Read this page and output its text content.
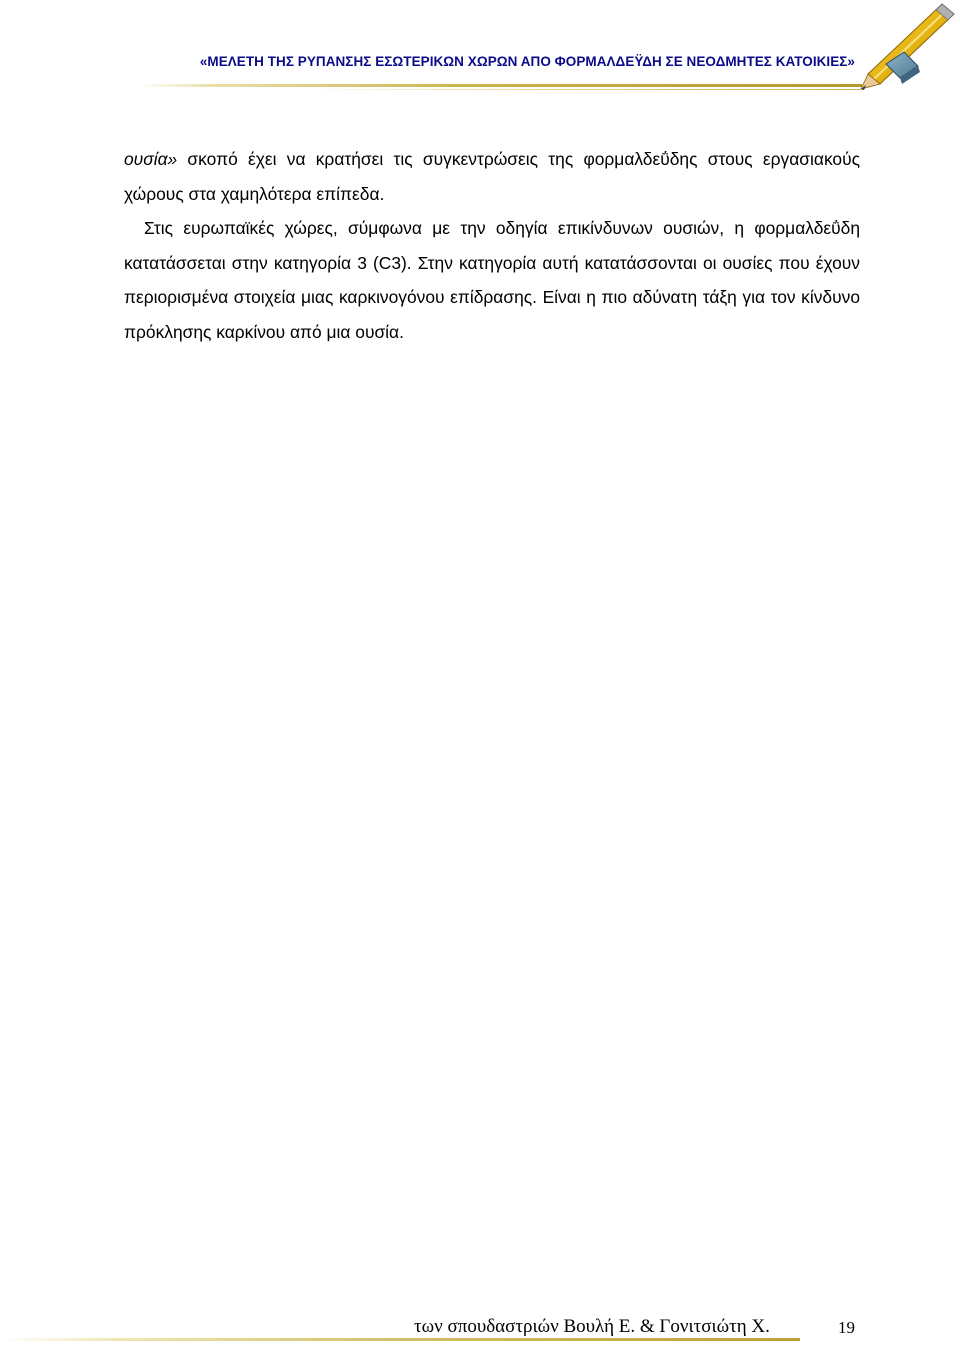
«ΜΕΛΕΤΗ ΤΗΣ ΡΥΠΑΝΣΗΣ ΕΣΩΤΕΡΙΚΩΝ ΧΩΡΩΝ ΑΠΟ ΦΟΡΜΑΛΔΕΫΔΗ ΣΕ ΝΕΟΔΜΗΤΕΣ ΚΑΤΟΙΚΙΕΣ»

ουσία» σκοπό έχει να κρατήσει τις συγκεντρώσεις της φορμαλδεΰδης στους εργασιακούς χώρους στα χαμηλότερα επίπεδα.

Στις ευρωπαϊκές χώρες, σύμφωνα με την οδηγία επικίνδυνων ουσιών, η φορμαλδεΰδη κατατάσσεται στην κατηγορία 3 (C3). Στην κατηγορία αυτή κατατάσσονται οι ουσίες που έχουν περιορισμένα στοιχεία μιας καρκινογόνου επίδρασης. Είναι η πιο αδύνατη τάξη για τον κίνδυνο πρόκλησης καρκίνου από μια ουσία.

των σπουδαστριών Βουλή Ε. & Γονιτσιώτη Χ.	19
